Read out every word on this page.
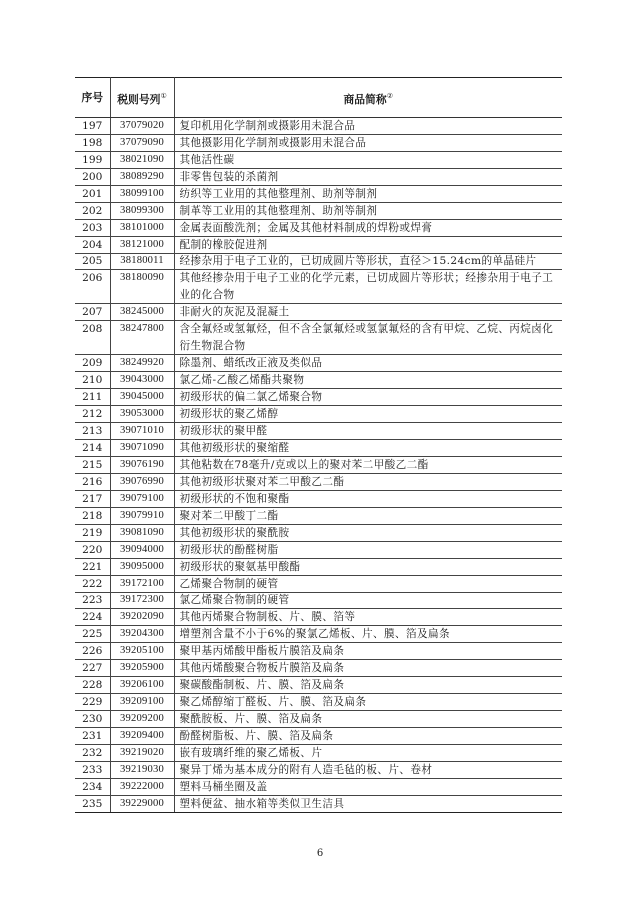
序号	税则号列①	商品简称②
197	37079020	复印机用化学制剂或摄影用未混合品
198	37079090	其他摄影用化学制剂或摄影用未混合品
199	38021090	其他活性碳
200	38089290	非零售包装的杀菌剂
201	38099100	纺织等工业用的其他整理剂、助剂等制剂
202	38099300	制革等工业用的其他整理剂、助剂等制剂
203	38101000	金属表面酸洗剂；金属及其他材料制成的焊粉或焊膏
204	38121000	配制的橡胶促进剂
205	38180011	经掺杂用于电子工业的，已切成圆片等形状，直径＞15.24cm的单晶硅片
206	38180090	其他经掺杂用于电子工业的化学元素，已切成圆片等形状；经掺杂用于电子工业的化合物
207	38245000	非耐火的灰泥及混凝土
208	38247800	含全氟烃或氢氟烃，但不含全氯氟烃或氢氯氟烃的含有甲烷、乙烷、丙烷卤化衍生物混合物
209	38249920	除墨剂、蜡纸改正液及类似品
210	39043000	氯乙烯-乙酸乙烯酯共聚物
211	39045000	初级形状的偏二氯乙烯聚合物
212	39053000	初级形状的聚乙烯醇
213	39071010	初级形状的聚甲醛
214	39071090	其他初级形状的聚缩醛
215	39076190	其他粘数在78毫升/克或以上的聚对苯二甲酸乙二酯
216	39076990	其他初级形状聚对苯二甲酸乙二酯
217	39079100	初级形状的不饱和聚酯
218	39079910	聚对苯二甲酸丁二酯
219	39081090	其他初级形状的聚酰胺
220	39094000	初级形状的酚醛树脂
221	39095000	初级形状的聚氨基甲酸酯
222	39172100	乙烯聚合物制的硬管
223	39172300	氯乙烯聚合物制的硬管
224	39202090	其他丙烯聚合物制板、片、膜、箔等
225	39204300	增塑剂含量不小于6%的聚氯乙烯板、片、膜、箔及扁条
226	39205100	聚甲基丙烯酸甲酯板片膜箔及扁条
227	39205900	其他丙烯酸聚合物板片膜箔及扁条
228	39206100	聚碳酸酯制板、片、膜、箔及扁条
229	39209100	聚乙烯醇缩丁醛板、片、膜、箔及扁条
230	39209200	聚酰胺板、片、膜、箔及扁条
231	39209400	酚醛树脂板、片、膜、箔及扁条
232	39219020	嵌有玻璃纤维的聚乙烯板、片
233	39219030	聚异丁烯为基本成分的附有人造毛毡的板、片、卷材
234	39222000	塑料马桶坐圈及盖
235	39229000	塑料便盆、抽水箱等类似卫生洁具
6
